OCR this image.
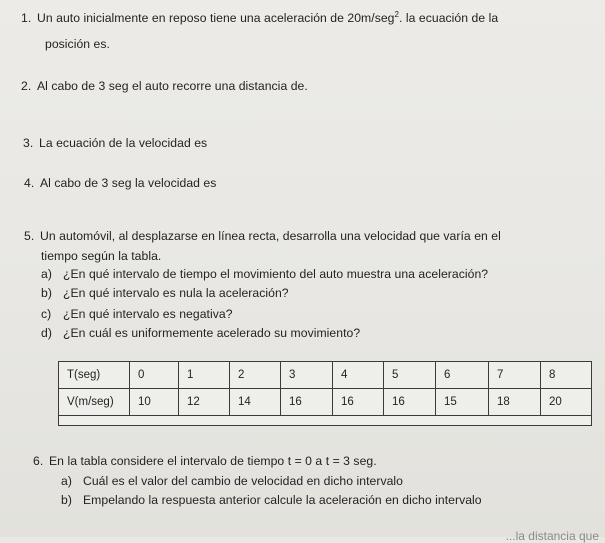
1. Un auto inicialmente en reposo tiene una aceleración de 20m/seg$^2$. la ecuación de la
posición es.
2. Al cabo de 3 seg el auto recorre una distancia de.
3. La ecuación de la velocidad es
4. Al cabo de 3 seg la velocidad es
5. Un automóvil, al desplazarse en línea recta, desarrolla una velocidad que varía en el
tiempo según la tabla.
a) ¿En qué intervalo de tiempo el movimiento del auto muestra una aceleración?
b) ¿En qué intervalo es nula la aceleración?
c) ¿En qué intervalo es negativa?
d) ¿En cuál es uniformemente acelerado su movimiento?
T(seg)	0	1	2	3	4	5	6	7	8
V(m/seg)	10	12	14	16	16	16	15	18	20

6. En la tabla considere el intervalo de tiempo t = 0 a t = 3 seg.
a) Cuál es el valor del cambio de velocidad en dicho intervalo
b) Empelando la respuesta anterior calcule la aceleración en dicho intervalo
...la distancia que
